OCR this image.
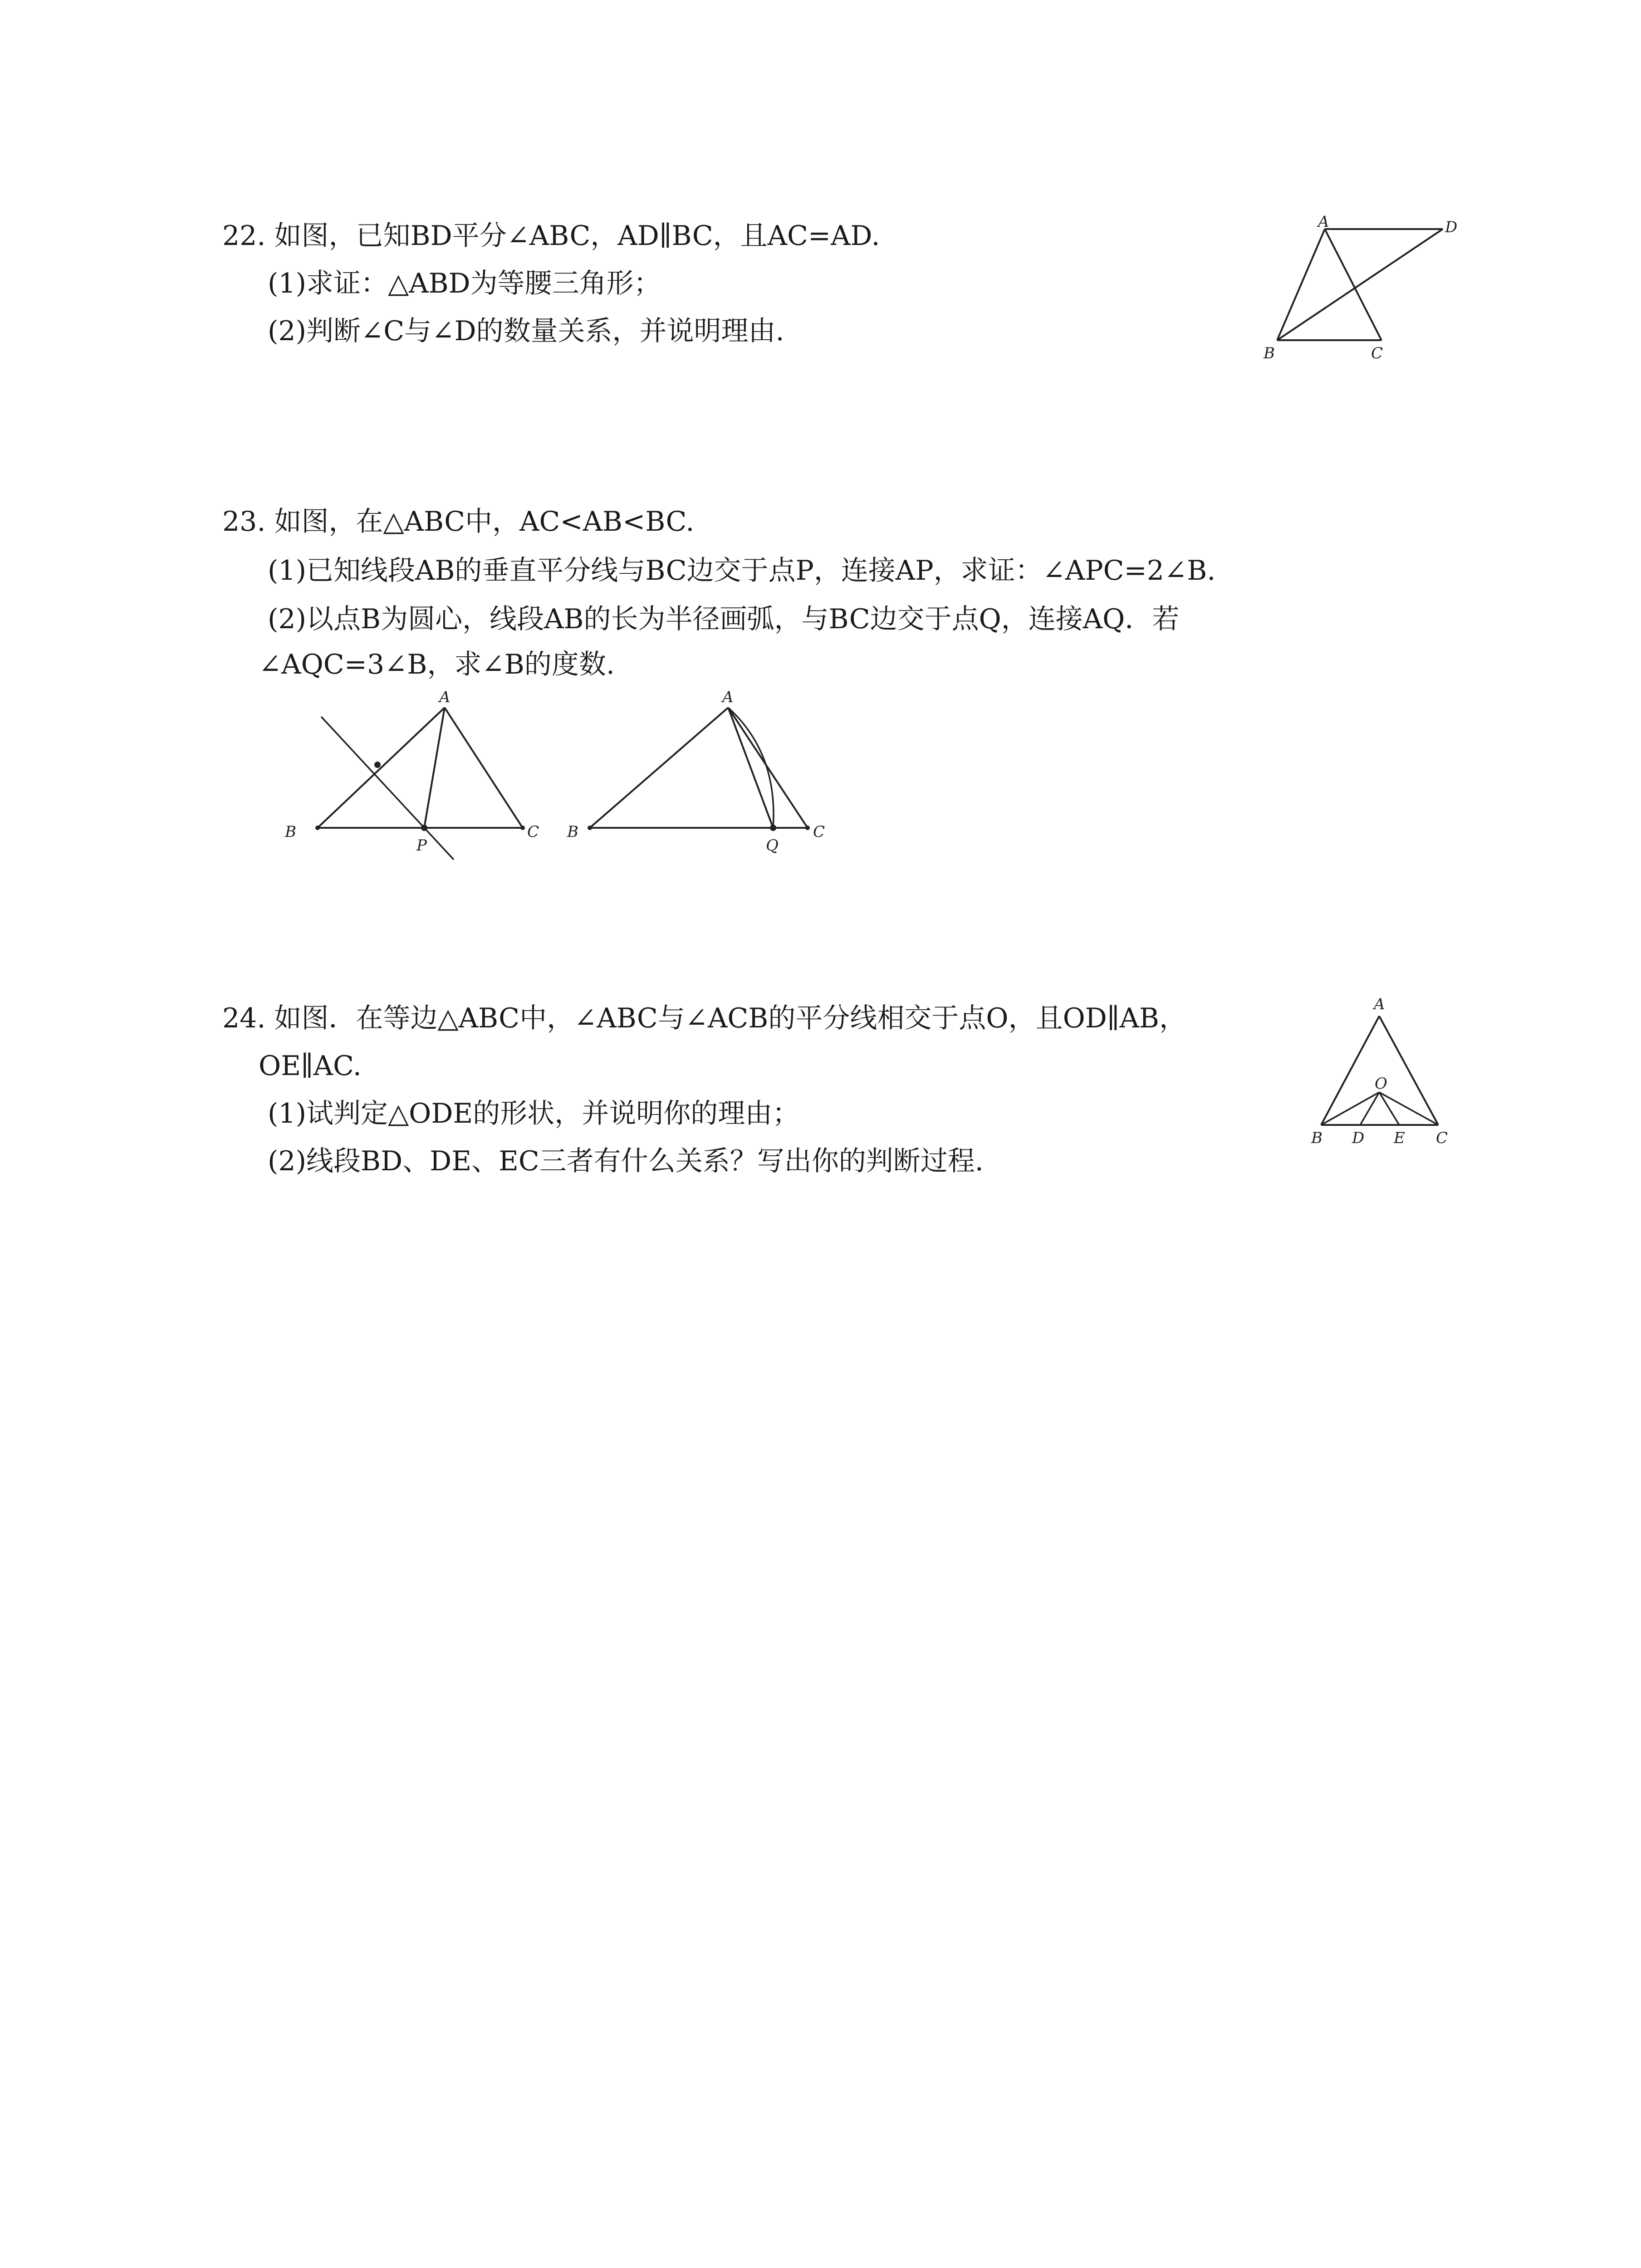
22. 如图，已知BD平分∠ABC，AD∥BC，且AC=AD.
(1)求证：△ABD为等腰三角形；
(2)判断∠C与∠D的数量关系，并说明理由.
A	D
B	C
23. 如图，在△ABC中，AC<AB<BC.
(1)已知线段AB的垂直平分线与BC边交于点P，连接AP，求证：∠APC=2∠B.
(2)以点B为圆心，线段AB的长为半径画弧，与BC边交于点Q，连接AQ．若
∠AQC=3∠B，求∠B的度数.
A
B	C
P
A
B	C
Q
24. 如图．在等边△ABC中，∠ABC与∠ACB的平分线相交于点O，且OD∥AB，
OE∥AC.
(1)试判定△ODE的形状，并说明你的理由；
(2)线段BD、DE、EC三者有什么关系？写出你的判断过程.
A
O
B D E C
